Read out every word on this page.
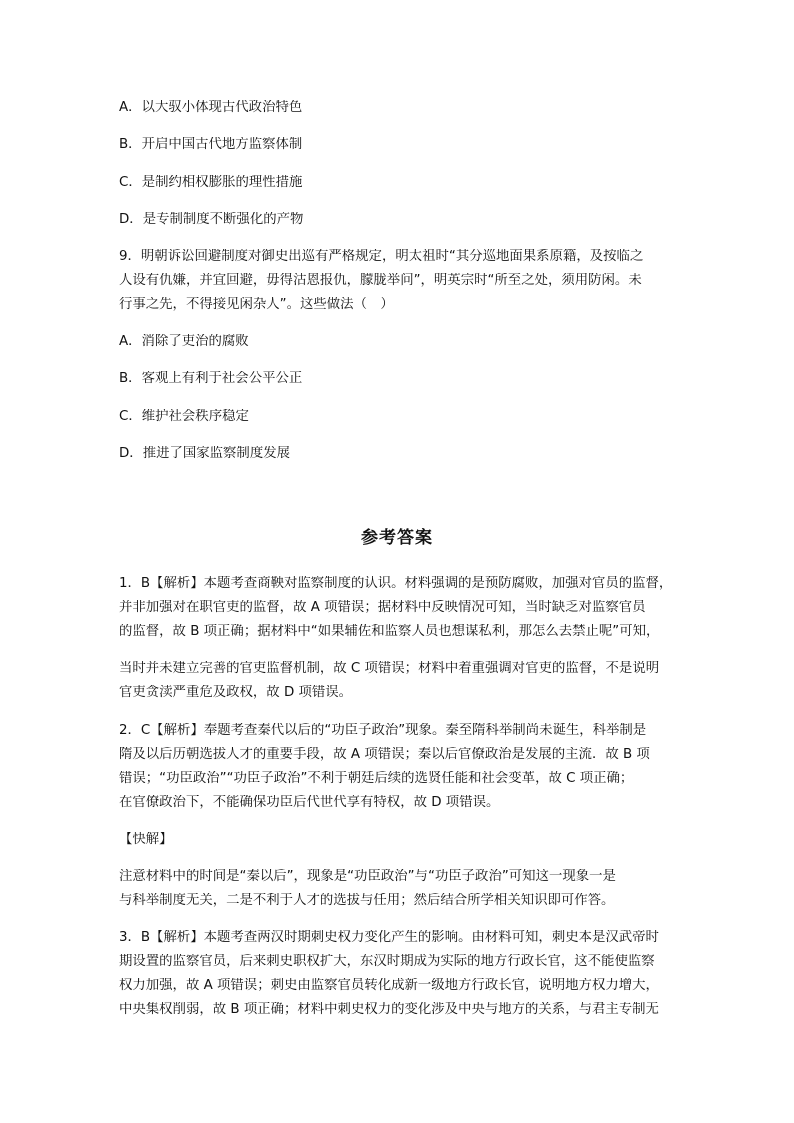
A．以大驭小体现古代政治特色
B．开启中国古代地方监察体制
C．是制约相权膨胀的理性措施
D．是专制制度不断强化的产物
9．明朝诉讼回避制度对御史出巡有严格规定，明太祖时“其分巡地面果系原籍，及按临之
人设有仇嫌，并宜回避，毋得沽恩报仇，朦胧举问”，明英宗时“所至之处，须用防闲。未
行事之先，不得接见闲杂人”。这些做法（　）
A．消除了吏治的腐败
B．客观上有利于社会公平公正
C．维护社会秩序稳定
D．推进了国家监察制度发展
参考答案
1．B【解析】本题考查商鞅对监察制度的认识。材料强调的是预防腐败，加强对官员的监督，
并非加强对在职官吏的监督，故 A 项错误；据材料中反映情况可知，当时缺乏对监察官员
的监督，故 B 项正确；据材料中“如果辅佐和监察人员也想谋私利，那怎么去禁止呢”可知，
当时并未建立完善的官吏监督机制，故 C 项错误；材料中着重强调对官吏的监督，不是说明
官吏贪渎严重危及政权，故 D 项错误。
2．C【解析】奉题考查秦代以后的“功臣子政治”现象。秦至隋科举制尚未诞生，科举制是
隋及以后历朝选拔人才的重要手段，故 A 项错误；秦以后官僚政治是发展的主流．故 B 项
错误；“功臣政治”“功臣子政治”不利于朝廷后续的选贤任能和社会变革，故 C 项正确；
在官僚政治下，不能确保功臣后代世代享有特权，故 D 项错误。
【快解】
注意材料中的时间是“秦以后”，现象是“功臣政治”与“功臣子政治”可知这一现象一是
与科举制度无关，二是不利于人才的选拔与任用；然后结合所学相关知识即可作答。
3．B【解析】本题考查两汉时期刺史权力变化产生的影响。由材料可知，刺史本是汉武帝时
期设置的监察官员，后来刺史职权扩大，东汉时期成为实际的地方行政长官，这不能使监察
权力加强，故 A 项错误；刺史由监察官员转化成新一级地方行政长官，说明地方权力增大，
中央集权削弱，故 B 项正确；材料中刺史权力的变化涉及中央与地方的关系，与君主专制无
